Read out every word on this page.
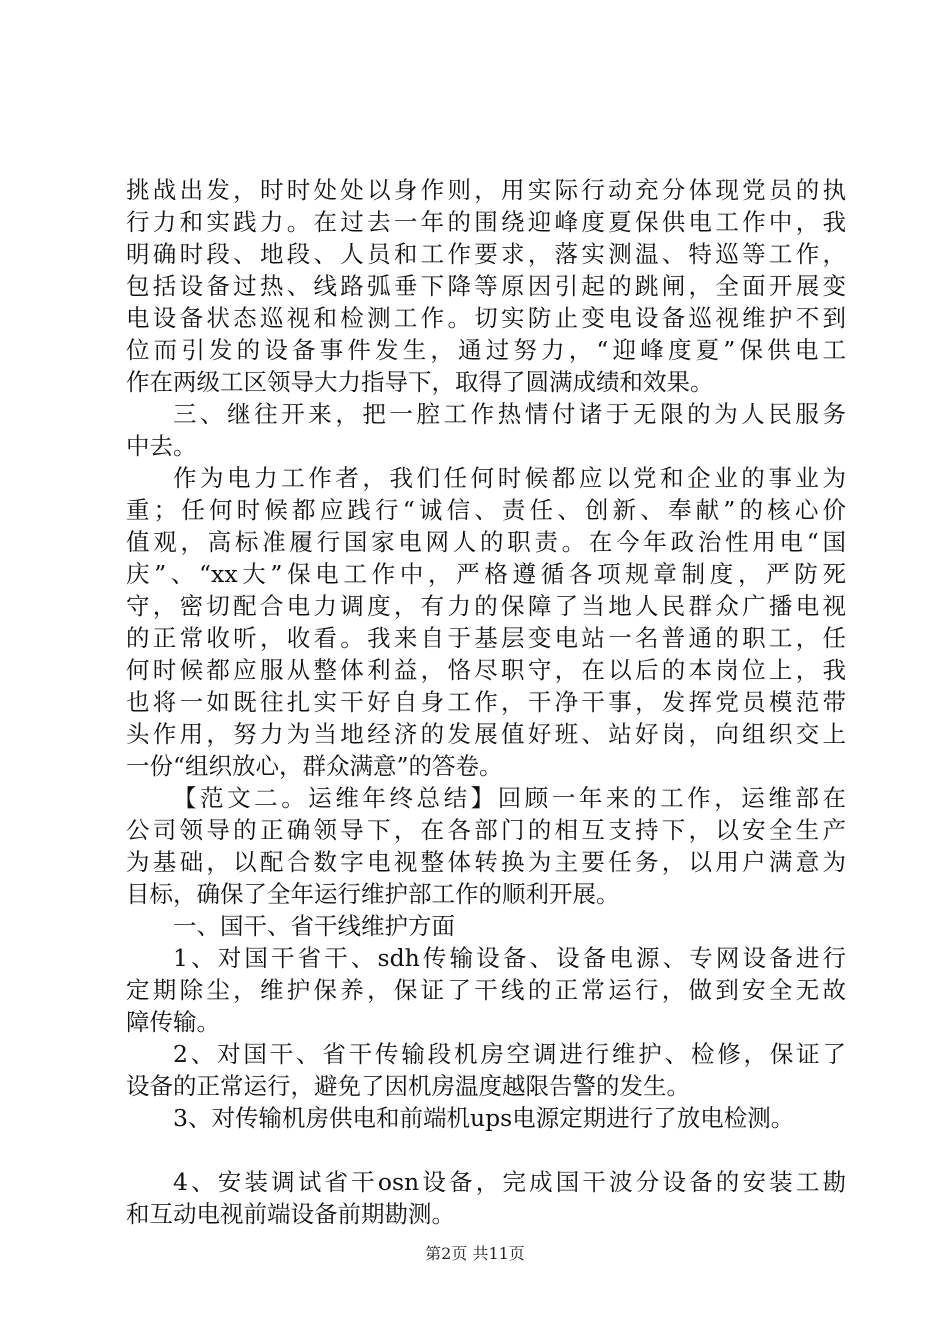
挑战出发，时时处处以身作则，用实际行动充分体现党员的执
行力和实践力。在过去一年的围绕迎峰度夏保供电工作中，我
明确时段、地段、人员和工作要求，落实测温、特巡等工作，
包括设备过热、线路弧垂下降等原因引起的跳闸，全面开展变
电设备状态巡视和检测工作。切实防止变电设备巡视维护不到
位而引发的设备事件发生，通过努力，“迎峰度夏”保供电工
作在两级工区领导大力指导下，取得了圆满成绩和效果。
三、继往开来，把一腔工作热情付诸于无限的为人民服务
中去。
作为电力工作者，我们任何时候都应以党和企业的事业为
重；任何时候都应践行“诚信、责任、创新、奉献”的核心价
值观，高标准履行国家电网人的职责。在今年政治性用电“国
庆”、“xx大”保电工作中，严格遵循各项规章制度，严防死
守，密切配合电力调度，有力的保障了当地人民群众广播电视
的正常收听，收看。我来自于基层变电站一名普通的职工，任
何时候都应服从整体利益，恪尽职守，在以后的本岗位上，我
也将一如既往扎实干好自身工作，干净干事，发挥党员模范带
头作用，努力为当地经济的发展值好班、站好岗，向组织交上
一份“组织放心，群众满意”的答卷。
【范文二。运维年终总结】回顾一年来的工作，运维部在
公司领导的正确领导下，在各部门的相互支持下，以安全生产
为基础，以配合数字电视整体转换为主要任务，以用户满意为
目标，确保了全年运行维护部工作的顺利开展。
一、国干、省干线维护方面
1、对国干省干、sdh传输设备、设备电源、专网设备进行
定期除尘，维护保养，保证了干线的正常运行，做到安全无故
障传输。
2、对国干、省干传输段机房空调进行维护、检修，保证了
设备的正常运行，避免了因机房温度越限告警的发生。
3、对传输机房供电和前端机ups电源定期进行了放电检测。
4、安装调试省干osn设备，完成国干波分设备的安装工勘
和互动电视前端设备前期勘测。
第2页 共11页
